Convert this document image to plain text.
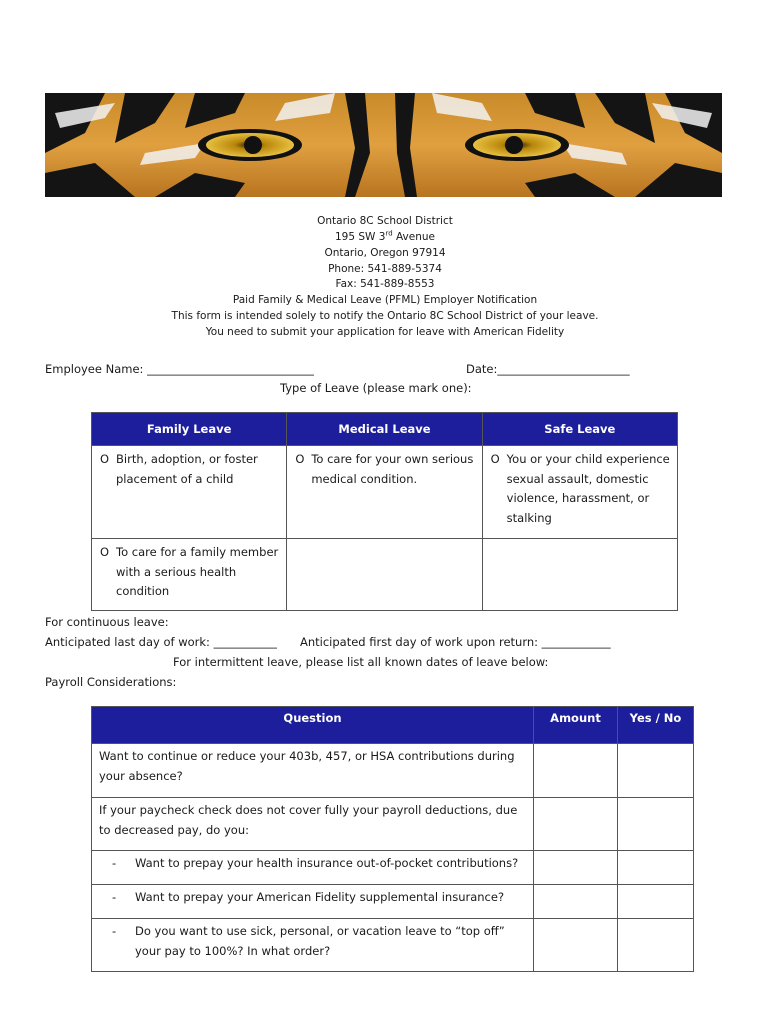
Ontario 8C School District
195 SW 3rd Avenue
Ontario, Oregon 97914
Phone: 541-889-5374
Fax: 541-889-8553
Paid Family & Medical Leave (PFML) Employer Notification
This form is intended solely to notify the Ontario 8C School District of your leave.
You need to submit your application for leave with American Fidelity
Employee Name: _____________________________	Date:_______________________
Type of Leave (please mark one):
Family Leave	Medical Leave	Safe Leave

O Birth, adoption, or foster placement of a child	O To care for your own serious medical condition.	O You or your child experience sexual assault, domestic violence, harassment, or stalking

O To care for a family member with a serious health condition		

For continuous leave:
Anticipated last day of work: ___________ Anticipated first day of work upon return: ____________
For intermittent leave, please list all known dates of leave below:
Payroll Considerations:
Question	Amount	Yes / No
Want to continue or reduce your 403b, 457, or HSA contributions during your absence?		
If your paycheck check does not cover fully your payroll deductions, due to decreased pay, do you:		

- Want to prepay your health insurance out-of-pocket contributions?		

- Want to prepay your American Fidelity supplemental insurance?		

- Do you want to use sick, personal, or vacation leave to “top off” your pay to 100%? In what order?		
